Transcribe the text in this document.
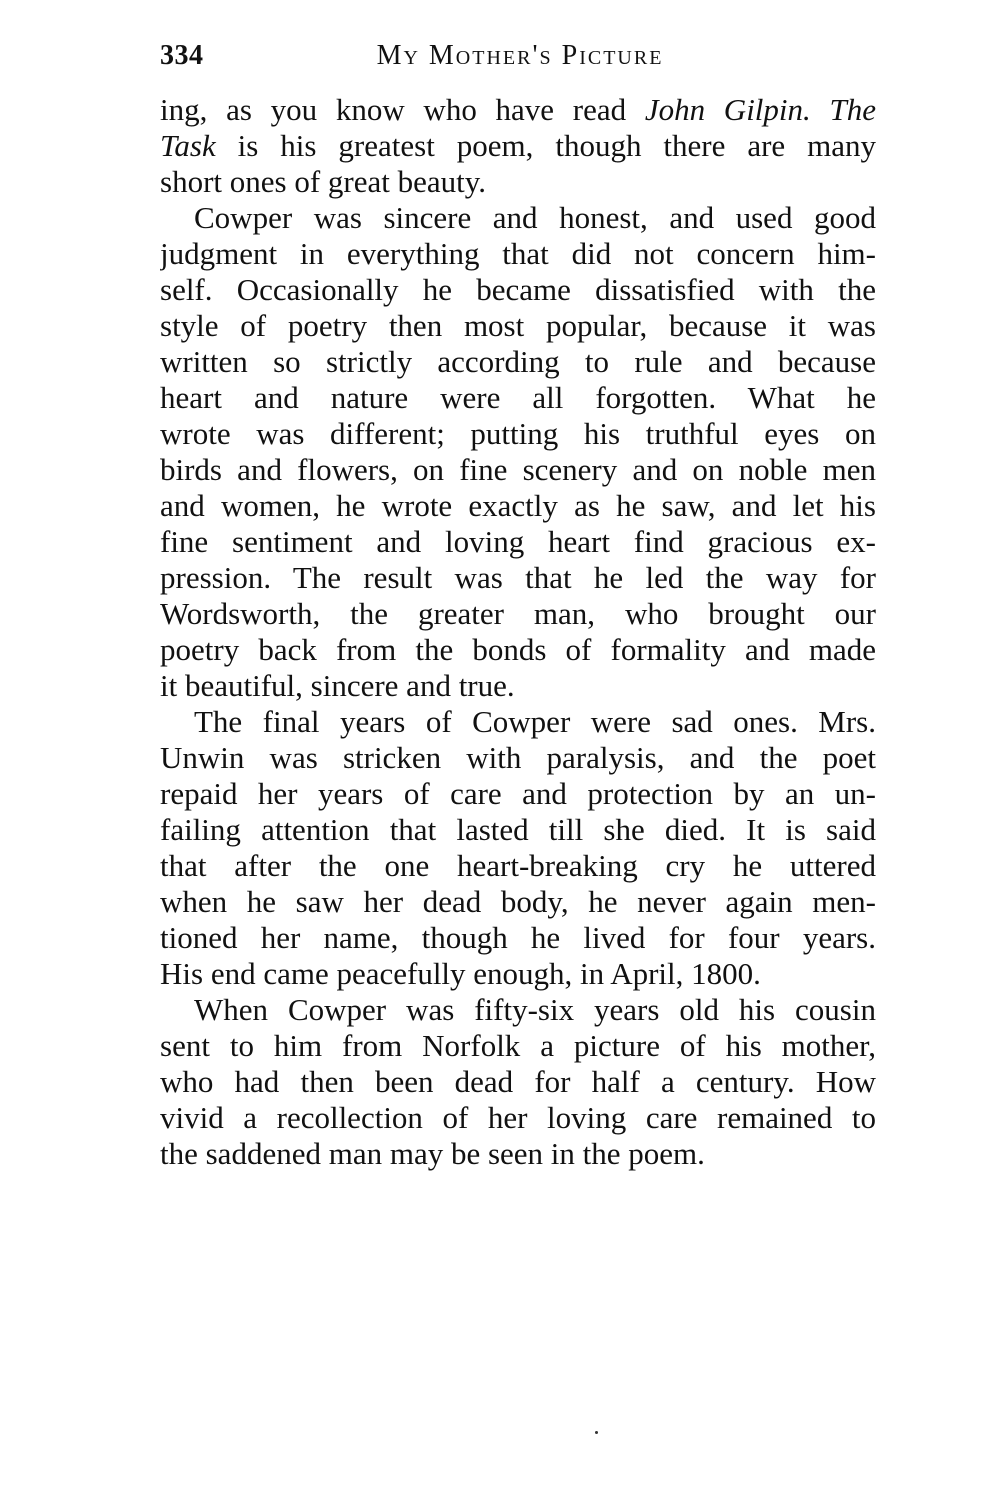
334	My Mother's Picture
ing, as you know who have read John Gilpin. The
Task is his greatest poem, though there are many
short ones of great beauty.
Cowper was sincere and honest, and used good
judgment in everything that did not concern him-
self. Occasionally he became dissatisfied with the
style of poetry then most popular, because it was
written so strictly according to rule and because
heart and nature were all forgotten. What he
wrote was different; putting his truthful eyes on
birds and flowers, on fine scenery and on noble men
and women, he wrote exactly as he saw, and let his
fine sentiment and loving heart find gracious ex-
pression. The result was that he led the way for
Wordsworth, the greater man, who brought our
poetry back from the bonds of formality and made
it beautiful, sincere and true.
The final years of Cowper were sad ones. Mrs.
Unwin was stricken with paralysis, and the poet
repaid her years of care and protection by an un-
failing attention that lasted till she died. It is said
that after the one heart-breaking cry he uttered
when he saw her dead body, he never again men-
tioned her name, though he lived for four years.
His end came peacefully enough, in April, 1800.
When Cowper was fifty-six years old his cousin
sent to him from Norfolk a picture of his mother,
who had then been dead for half a century. How
vivid a recollection of her loving care remained to
the saddened man may be seen in the poem.
